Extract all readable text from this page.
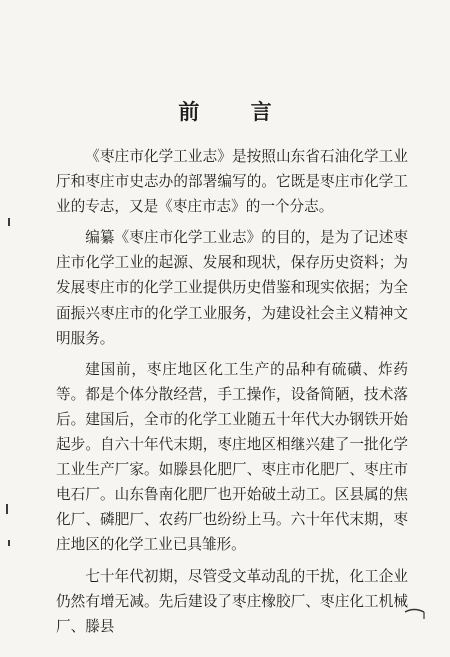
前 言

《枣庄市化学工业志》是按照山东省石油化学工业厅和枣庄市史志办的部署编写的。它既是枣庄市化学工业的专志，又是《枣庄市志》的一个分志。

编纂《枣庄市化学工业志》的目的，是为了记述枣庄市化学工业的起源、发展和现状，保存历史资料；为发展枣庄市的化学工业提供历史借鉴和现实依据；为全面振兴枣庄市的化学工业服务，为建设社会主义精神文明服务。

建国前，枣庄地区化工生产的品种有硫磺、炸药等。都是个体分散经营，手工操作，设备简陋，技术落后。建国后，全市的化学工业随五十年代大办钢铁开始起步。自六十年代末期，枣庄地区相继兴建了一批化学工业生产厂家。如滕县化肥厂、枣庄市化肥厂、枣庄市电石厂。山东鲁南化肥厂也开始破土动工。区县属的焦化厂、磷肥厂、农药厂也纷纷上马。六十年代末期，枣庄地区的化学工业已具雏形。

七十年代初期，尽管受文革动乱的干扰，化工企业仍然有增无减。先后建设了枣庄橡胶厂、枣庄化工机械厂、滕县
